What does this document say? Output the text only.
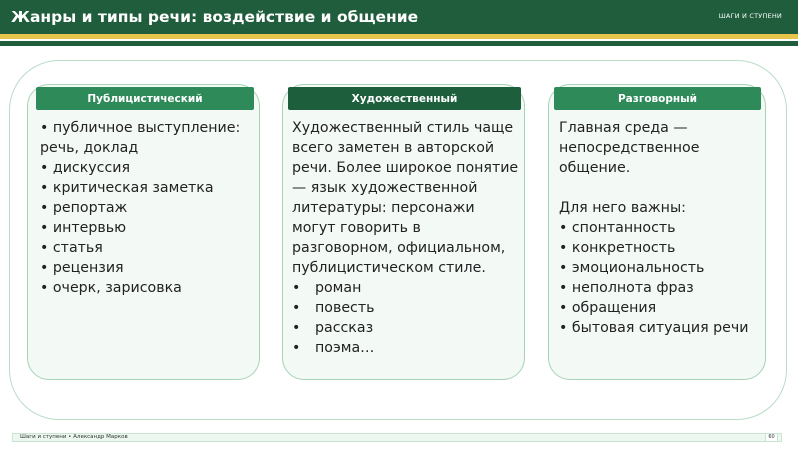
Жанры и типы речи: воздействие и общение	ШАГИ И СТУПЕНИ
Публицистический
• публичное выступление: речь, доклад
• дискуссия
• критическая заметка
• репортаж
• интервью
• статья
• рецензия
• очерк, зарисовка
Художественный

Художественный стиль чаще всего заметен в авторской речи. Более широкое понятие — язык художественной литературы: персонажи могут говорить в разговорном, официальном, публицистическом стиле.

• роман
• повесть
• рассказ
• поэма…
Разговорный

Главная среда — непосредственное общение.

Для него важны:

• спонтанность
• конкретность
• эмоциональность
• неполнота фраз
• обращения
• бытовая ситуация речи
Шаги и ступени • Александр Марков	60
